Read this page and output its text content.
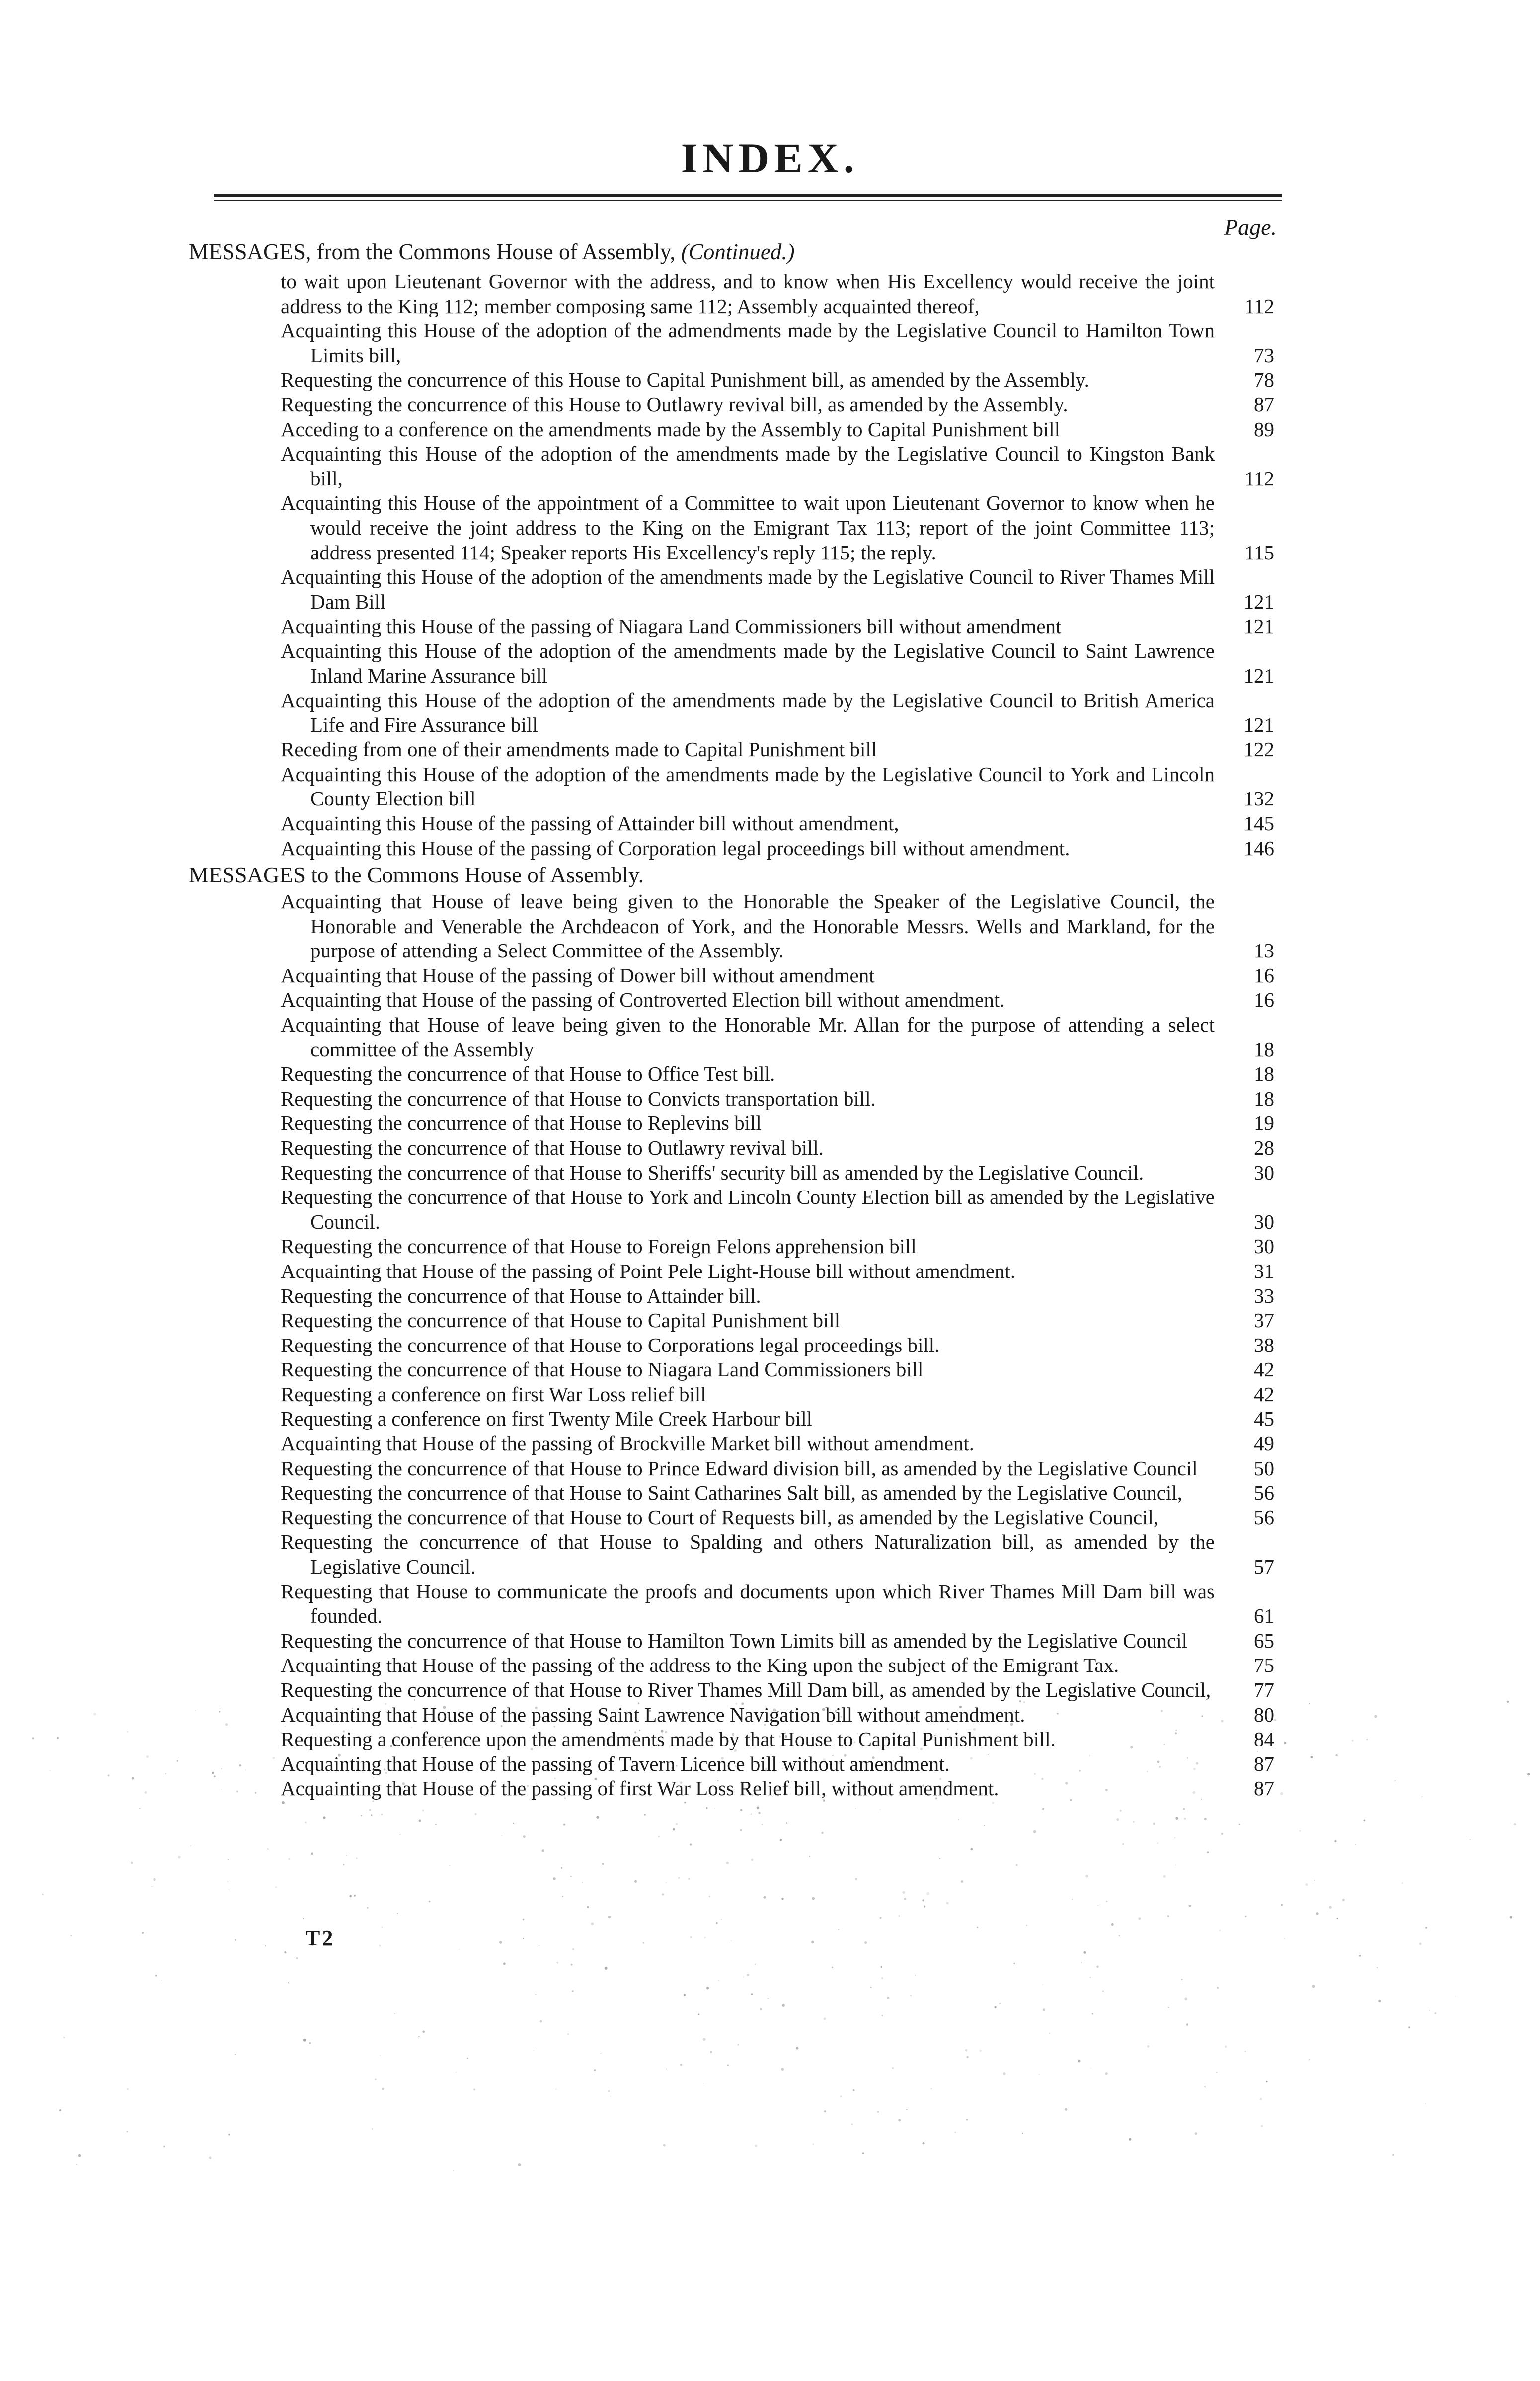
INDEX.
Page.
MESSAGES, from the Commons House of Assembly, (Continued.)
to wait upon Lieutenant Governor with the address, and to know when His Excellency would receive the joint address to the King 112; member composing same 112; Assembly acquainted thereof,	112
Acquainting this House of the adoption of the admendments made by the Legislative Council to Hamilton Town Limits bill,	73
Requesting the concurrence of this House to Capital Punishment bill, as amended by the Assembly.	78
Requesting the concurrence of this House to Outlawry revival bill, as amended by the Assembly.	87
Acceding to a conference on the amendments made by the Assembly to Capital Punishment bill	89
Acquainting this House of the adoption of the amendments made by the Legislative Council to Kingston Bank bill,	112
Acquainting this House of the appointment of a Committee to wait upon Lieutenant Governor to know when he would receive the joint address to the King on the Emigrant Tax 113; report of the joint Committee 113; address presented 114; Speaker reports His Excellency's reply 115; the reply.	115
Acquainting this House of the adoption of the amendments made by the Legislative Council to River Thames Mill Dam Bill	121
Acquainting this House of the passing of Niagara Land Commissioners bill without amendment	121
Acquainting this House of the adoption of the amendments made by the Legislative Council to Saint Lawrence Inland Marine Assurance bill	121
Acquainting this House of the adoption of the amendments made by the Legislative Council to British America Life and Fire Assurance bill	121
Receding from one of their amendments made to Capital Punishment bill	122
Acquainting this House of the adoption of the amendments made by the Legislative Council to York and Lincoln County Election bill	132
Acquainting this House of the passing of Attainder bill without amendment,	145
Acquainting this House of the passing of Corporation legal proceedings bill without amendment.	146
MESSAGES to the Commons House of Assembly.
Acquainting that House of leave being given to the Honorable the Speaker of the Legislative Council, the Honorable and Venerable the Archdeacon of York, and the Honorable Messrs. Wells and Markland, for the purpose of attending a Select Committee of the Assembly.	13
Acquainting that House of the passing of Dower bill without amendment	16
Acquainting that House of the passing of Controverted Election bill without amendment.	16
Acquainting that House of leave being given to the Honorable Mr. Allan for the purpose of attending a select committee of the Assembly	18
Requesting the concurrence of that House to Office Test bill.	18
Requesting the concurrence of that House to Convicts transportation bill.	18
Requesting the concurrence of that House to Replevins bill	19
Requesting the concurrence of that House to Outlawry revival bill.	28
Requesting the concurrence of that House to Sheriffs' security bill as amended by the Legislative Council.	30
Requesting the concurrence of that House to York and Lincoln County Election bill as amended by the Legislative Council.	30
Requesting the concurrence of that House to Foreign Felons apprehension bill	30
Acquainting that House of the passing of Point Pele Light-House bill without amendment.	31
Requesting the concurrence of that House to Attainder bill.	33
Requesting the concurrence of that House to Capital Punishment bill	37
Requesting the concurrence of that House to Corporations legal proceedings bill.	38
Requesting the concurrence of that House to Niagara Land Commissioners bill	42
Requesting a conference on first War Loss relief bill	42
Requesting a conference on first Twenty Mile Creek Harbour bill	45
Acquainting that House of the passing of Brockville Market bill without amendment.	49
Requesting the concurrence of that House to Prince Edward division bill, as amended by the Legislative Council	50
Requesting the concurrence of that House to Saint Catharines Salt bill, as amended by the Legislative Council,	56
Requesting the concurrence of that House to Court of Requests bill, as amended by the Legislative Council,	56
Requesting the concurrence of that House to Spalding and others Naturalization bill, as amended by the Legislative Council.	57
Requesting that House to communicate the proofs and documents upon which River Thames Mill Dam bill was founded.	61
Requesting the concurrence of that House to Hamilton Town Limits bill as amended by the Legislative Council	65
Acquainting that House of the passing of the address to the King upon the subject of the Emigrant Tax.	75
Requesting the concurrence of that House to River Thames Mill Dam bill, as amended by the Legislative Council,	77
Acquainting that House of the passing Saint Lawrence Navigation bill without amendment.	80
Requesting a conference upon the amendments made by that House to Capital Punishment bill.	84
Acquainting that House of the passing of Tavern Licence bill without amendment.	87
Acquainting that House of the passing of first War Loss Relief bill, without amendment.	87
T2
